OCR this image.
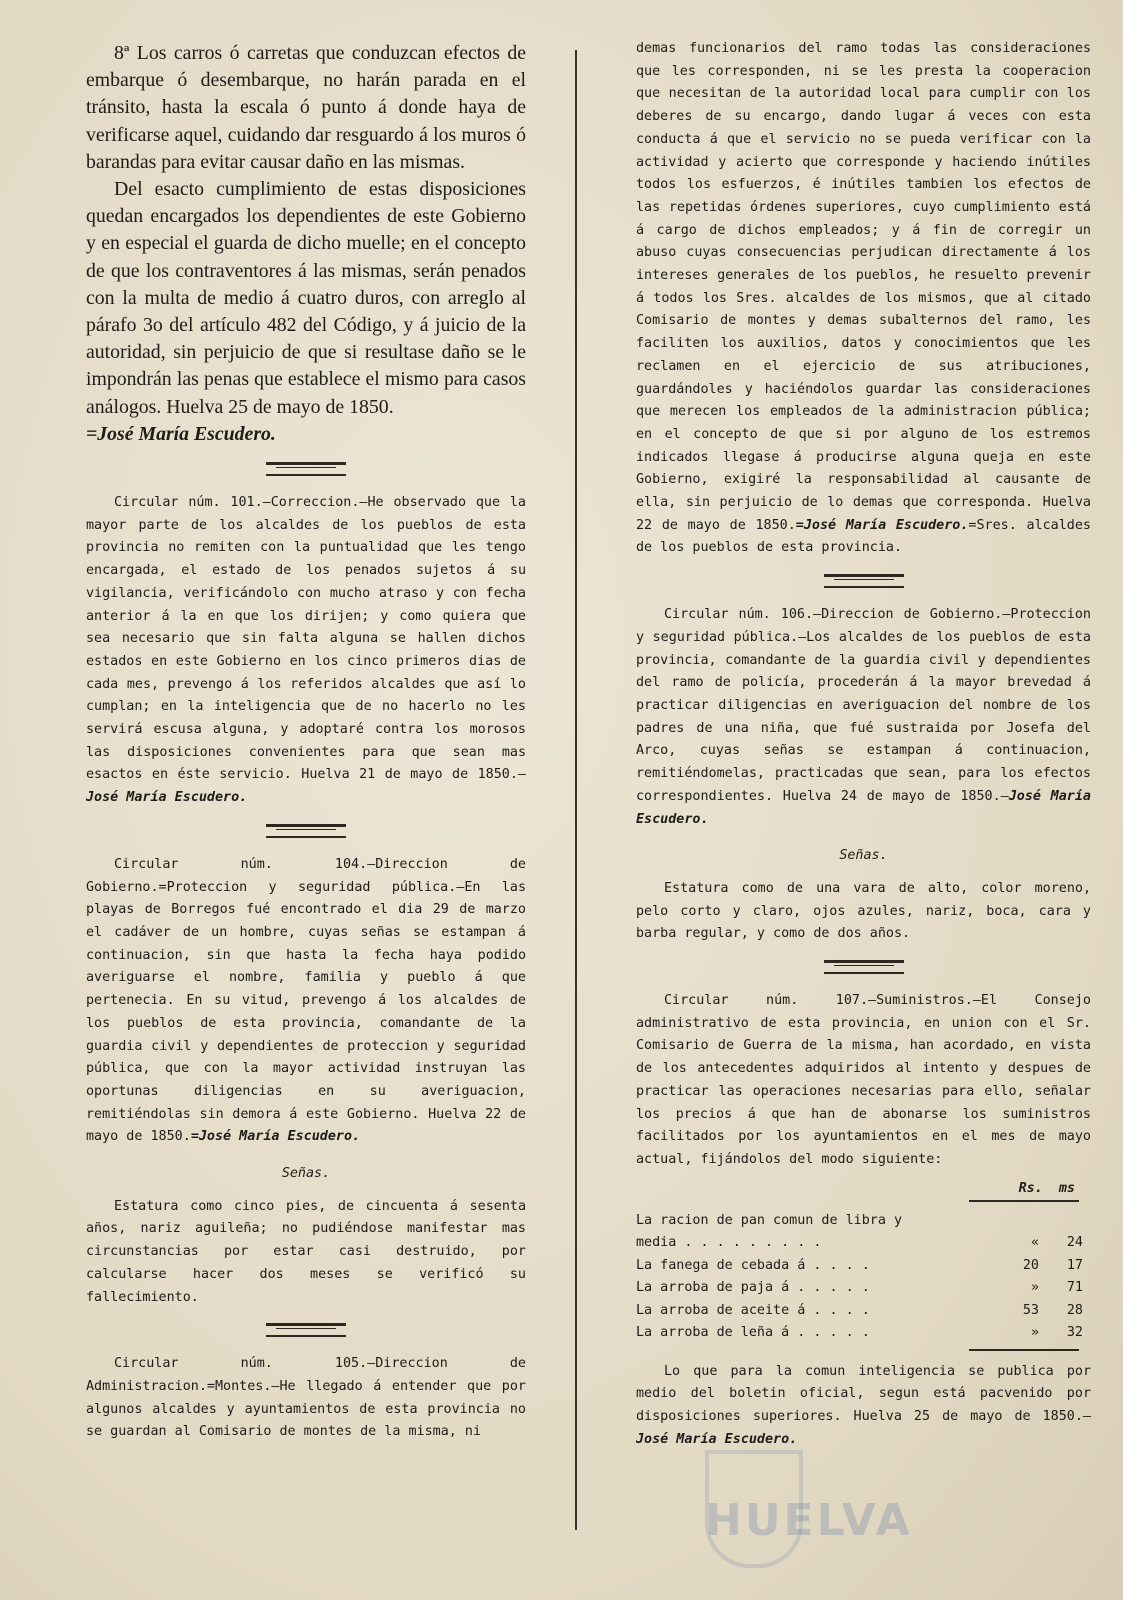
8ª Los carros ó carretas que conduzcan efectos de embarque ó desembarque, no harán parada en el tránsito, hasta la escala ó punto á donde haya de verificarse aquel, cuidando dar resguardo á los muros ó barandas para evitar causar daño en las mismas.

Del esacto cumplimiento de estas disposiciones quedan encargados los dependientes de este Gobierno y en especial el guarda de dicho muelle; en el concepto de que los contraventores á las mismas, serán penados con la multa de medio á cuatro duros, con arreglo al párafo 3o del artículo 482 del Código, y á juicio de la autoridad, sin perjuicio de que si resultase daño se le impondrán las penas que establece el mismo para casos análogos. Huelva 25 de mayo de 1850.
=José María Escudero.

Circular núm. 101.—Correccion.—He observado que la mayor parte de los alcaldes de los pueblos de esta provincia no remiten con la puntualidad que les tengo encargada, el estado de los penados sujetos á su vigilancia, verificándolo con mucho atraso y con fecha anterior á la en que los dirijen; y como quiera que sea necesario que sin falta alguna se hallen dichos estados en este Gobierno en los cinco primeros dias de cada mes, prevengo á los referidos alcaldes que así lo cumplan; en la inteligencia que de no hacerlo no les servirá escusa alguna, y adoptaré contra los morosos las disposiciones convenientes para que sean mas esactos en éste servicio. Huelva 21 de mayo de 1850.—José María Escudero.

Circular núm. 104.—Direccion de Gobierno.=Proteccion y seguridad pública.—En las playas de Borregos fué encontrado el dia 29 de marzo el cadáver de un hombre, cuyas señas se estampan á continuacion, sin que hasta la fecha haya podido averiguarse el nombre, familia y pueblo á que pertenecia. En su vitud, prevengo á los alcaldes de los pueblos de esta provincia, comandante de la guardia civil y dependientes de proteccion y seguridad pública, que con la mayor actividad instruyan las oportunas diligencias en su averiguacion, remitiéndolas sin demora á este Gobierno. Huelva 22 de mayo de 1850.=José María Escudero.

Señas.

Estatura como cinco pies, de cincuenta á sesenta años, nariz aguileña; no pudiéndose manifestar mas circunstancias por estar casi destruido, por calcularse hacer dos meses se verificó su fallecimiento.

Circular núm. 105.—Direccion de Administracion.=Montes.—He llegado á entender que por algunos alcaldes y ayuntamientos de esta provincia no se guardan al Comisario de montes de la misma, ni

demas funcionarios del ramo todas las consideraciones que les corresponden, ni se les presta la cooperacion que necesitan de la autoridad local para cumplir con los deberes de su encargo, dando lugar á veces con esta conducta á que el servicio no se pueda verificar con la actividad y acierto que corresponde y haciendo inútiles todos los esfuerzos, é inútiles tambien los efectos de las repetidas órdenes superiores, cuyo cumplimiento está á cargo de dichos empleados; y á fin de corregir un abuso cuyas consecuencias perjudican directamente á los intereses generales de los pueblos, he resuelto prevenir á todos los Sres. alcaldes de los mismos, que al citado Comisario de montes y demas subalternos del ramo, les faciliten los auxilios, datos y conocimientos que les reclamen en el ejercicio de sus atribuciones, guardándoles y haciéndolos guardar las consideraciones que merecen los empleados de la administracion pública; en el concepto de que si por alguno de los estremos indicados llegase á producirse alguna queja en este Gobierno, exigiré la responsabilidad al causante de ella, sin perjuicio de lo demas que corresponda. Huelva 22 de mayo de 1850.=José María Escudero.=Sres. alcaldes de los pueblos de esta provincia.

Circular núm. 106.—Direccion de Gobierno.—Proteccion y seguridad pública.—Los alcaldes de los pueblos de esta provincia, comandante de la guardia civil y dependientes del ramo de policía, procederán á la mayor brevedad á practicar diligencias en averiguacion del nombre de los padres de una niña, que fué sustraida por Josefa del Arco, cuyas señas se estampan á continuacion, remitiéndomelas, practicadas que sean, para los efectos correspondientes. Huelva 24 de mayo de 1850.—José María Escudero.

Señas.

Estatura como de una vara de alto, color moreno, pelo corto y claro, ojos azules, nariz, boca, cara y barba regular, y como de dos años.

Circular núm. 107.—Suministros.—El Consejo administrativo de esta provincia, en union con el Sr. Comisario de Guerra de la misma, han acordado, en vista de los antecedentes adquiridos al intento y despues de practicar las operaciones necesarias para ello, señalar los precios á que han de abonarse los suministros facilitados por los ayuntamientos en el mes de mayo actual, fijándolos del modo siguiente:

Rs. ms
La racion de pan comun de libra y
media . . . . . . . . .	«	24
La fanega de cebada á . . . .	20	17
La arroba de paja á . . . . .	»	71
La arroba de aceite á . . . .	53	28
La arroba de leña á . . . . .	»	32

Lo que para la comun inteligencia se publica por medio del boletin oficial, segun está pacvenido por disposiciones superiores. Huelva 25 de mayo de 1850.—José María Escudero.

HUELVA
